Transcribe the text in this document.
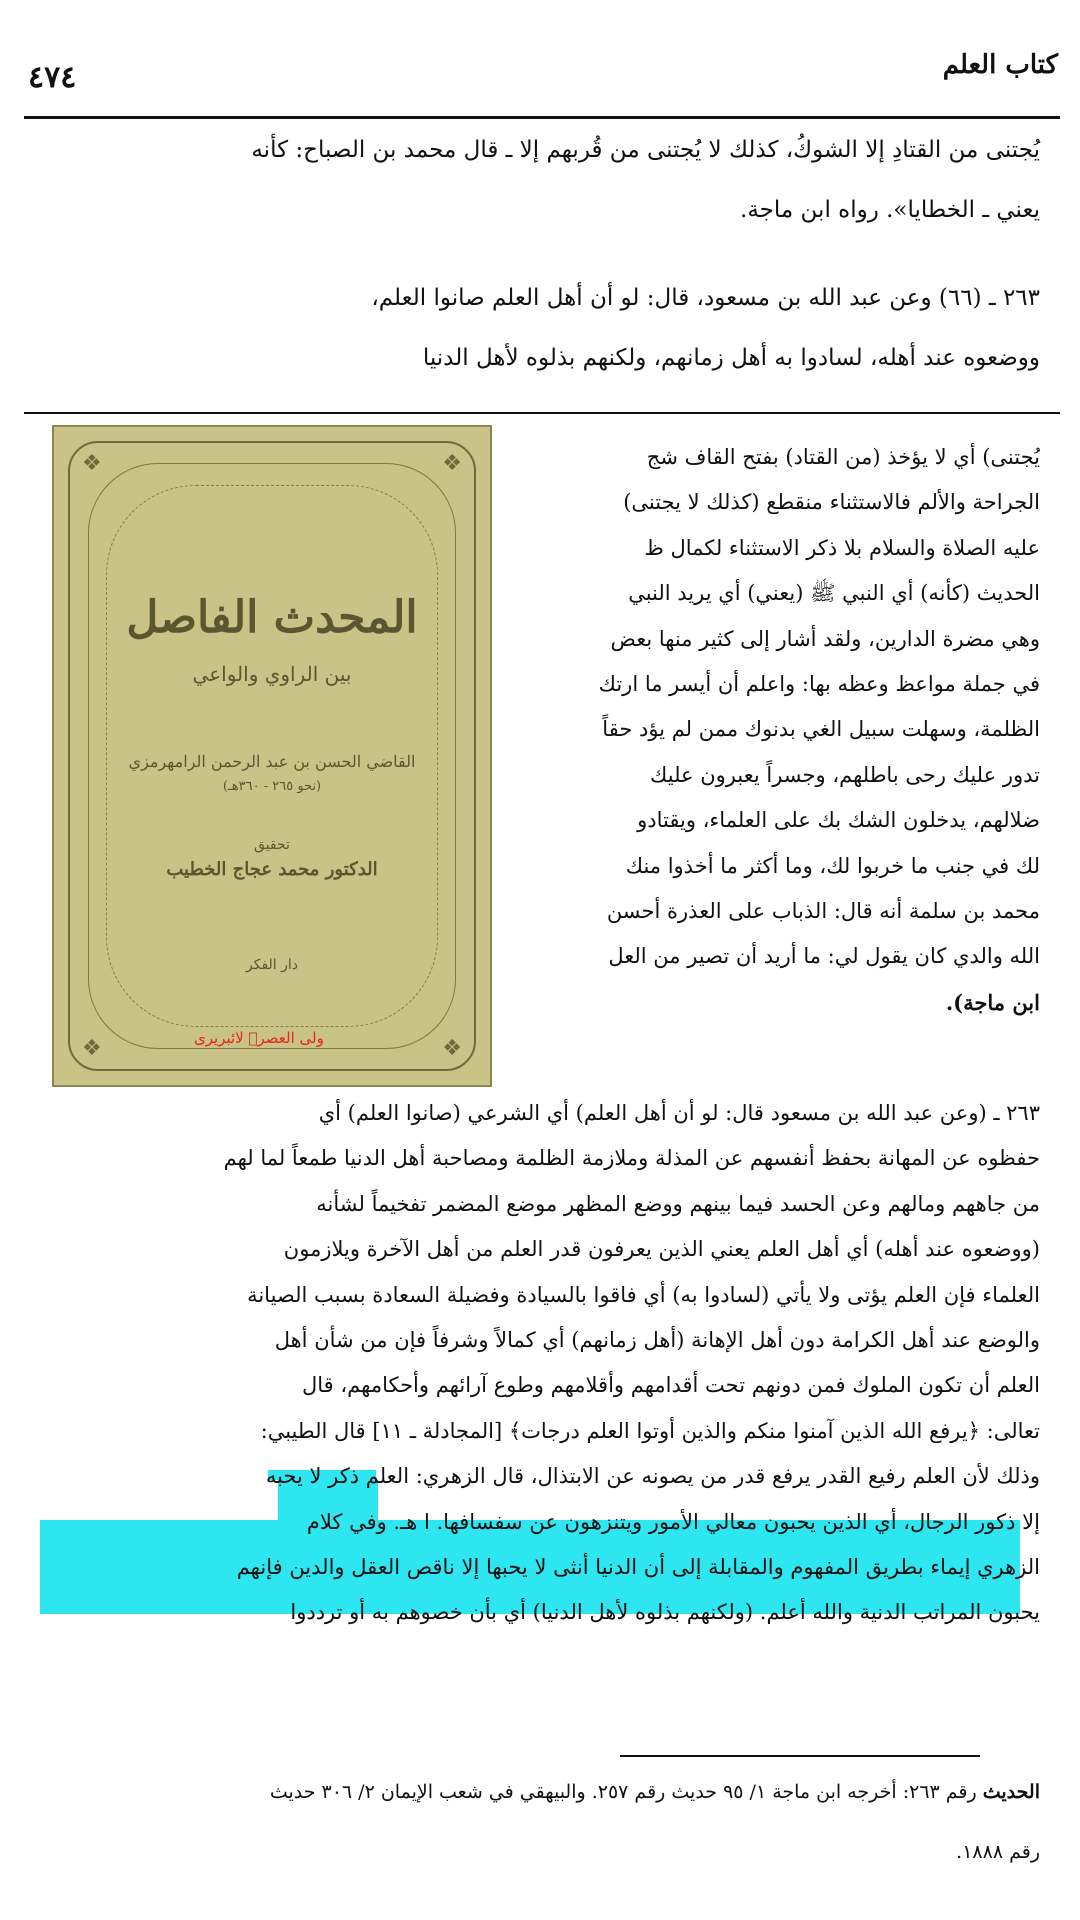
كتاب العلم
٤٧٤
يُجتنى من القتادِ إلا الشوكُ، كذلك لا يُجتنى من قُربهم إلا ـ قال محمد بن الصباح: كأنه
يعني ـ الخطايا». رواه ابن ماجة.
٢٦٣ ـ (٦٦) وعن عبد الله بن مسعود، قال: لو أن أهل العلم صانوا العلم،
ووضعوه عند أهله، لسادوا به أهل زمانهم، ولكنهم بذلوه لأهل الدنيا

يُجتنى) أي لا يؤخذ (من القتاد) بفتح القاف شج

الجراحة والألم فالاستثناء منقطع (كذلك لا يجتنى)

عليه الصلاة والسلام بلا ذكر الاستثناء لكمال ظ

الحديث (كأنه) أي النبي ﷺ (يعني) أي يريد النبي

وهي مضرة الدارين، ولقد أشار إلى كثير منها بعض

في جملة مواعظ وعظه بها: واعلم أن أيسر ما ارتك

الظلمة، وسهلت سبيل الغي بدنوك ممن لم يؤد حقاً

تدور عليك رحى باطلهم، وجسراً يعبرون عليك

ضلالهم، يدخلون الشك بك على العلماء، ويقتادو

لك في جنب ما خربوا لك، وما أكثر ما أخذوا منك

محمد بن سلمة أنه قال: الذباب على العذرة أحسن

الله والدي كان يقول لي: ما أريد أن تصير من العل

ابن ماجة).

❖	❖
❖	❖
المحدث الفاصل
بين الراوي والواعي
القاضي الحسن بن عبد الرحمن الرامهرمزي
(نحو ٢٦٥ - ٣٦٠هـ)
تحقيق
الدكتور محمد عجاج الخطيب
دار الفكر
ولی العصرؒ لائبریری

٢٦٣ ـ (وعن عبد الله بن مسعود قال: لو أن أهل العلم) أي الشرعي (صانوا العلم) أي

حفظوه عن المهانة بحفظ أنفسهم عن المذلة وملازمة الظلمة ومصاحبة أهل الدنيا طمعاً لما لهم

من جاههم ومالهم وعن الحسد فيما بينهم ووضع المظهر موضع المضمر تفخيماً لشأنه

(ووضعوه عند أهله) أي أهل العلم يعني الذين يعرفون قدر العلم من أهل الآخرة ويلازمون

العلماء فإن العلم يؤتى ولا يأتي (لسادوا به) أي فاقوا بالسيادة وفضيلة السعادة بسبب الصيانة

والوضع عند أهل الكرامة دون أهل الإهانة (أهل زمانهم) أي كمالاً وشرفاً فإن من شأن أهل

العلم أن تكون الملوك فمن دونهم تحت أقدامهم وأقلامهم وطوع آرائهم وأحكامهم، قال

تعالى: ﴿يرفع الله الذين آمنوا منكم والذين أوتوا العلم درجات﴾ [المجادلة ـ ١١] قال الطيبي:

وذلك لأن العلم رفيع القدر يرفع قدر من يصونه عن الابتذال، قال الزهري: العلم ذكر لا يحبه

إلا ذكور الرجال، أي الذين يحبون معالي الأمور ويتنزهون عن سفسافها. ا هـ. وفي كلام

الزهري إيماء بطريق المفهوم والمقابلة إلى أن الدنيا أنثى لا يحبها إلا ناقص العقل والدين فإنهم

يحبون المراتب الدنية والله أعلم. (ولكنهم بذلوه لأهل الدنيا) أي بأن خصوهم به أو ترددوا

الحديث رقم ٢٦٣: أخرجه ابن ماجة ١/ ٩٥ حديث رقم ٢٥٧. والبيهقي في شعب الإيمان ٢/ ٣٠٦ حديث

رقم ١٨٨٨.
